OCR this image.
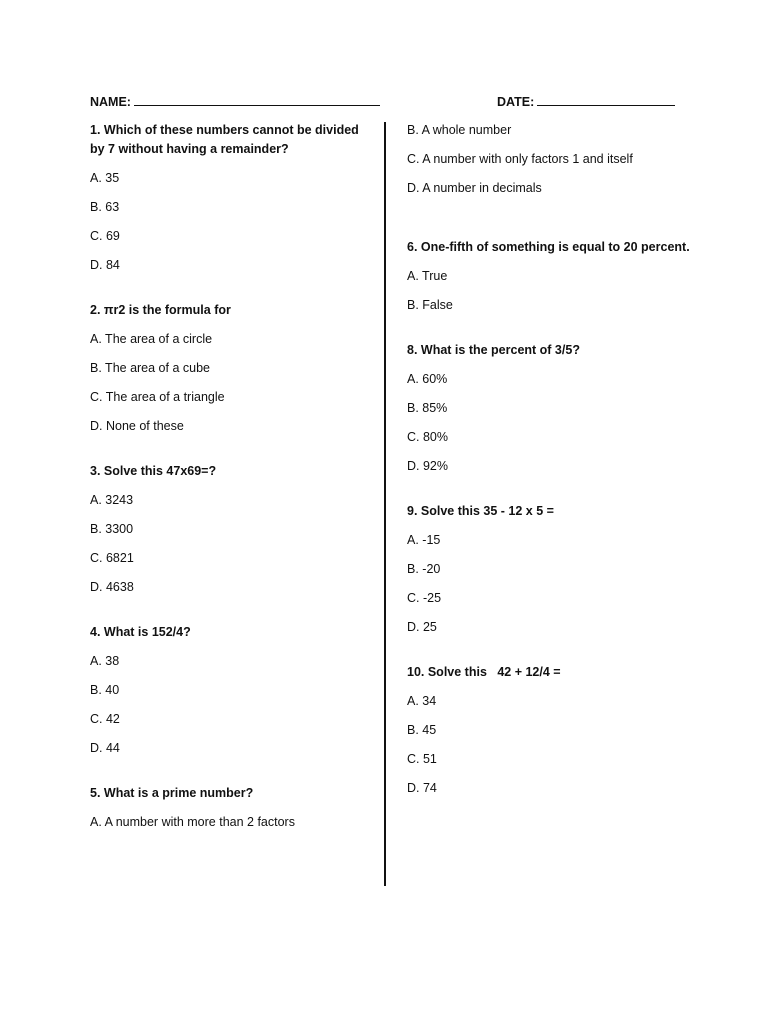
NAME:	DATE:
1. Which of these numbers cannot be divided by 7 without having a remainder?
A. 35
B. 63
C. 69
D. 84
2. πr2 is the formula for
A. The area of a circle
B. The area of a cube
C. The area of a triangle
D. None of these
3. Solve this 47x69=?
A. 3243
B. 3300
C. 6821
D. 4638
4. What is 152/4?
A. 38
B. 40
C. 42
D. 44
5. What is a prime number?
A. A number with more than 2 factors
B. A whole number
C. A number with only factors 1 and itself
D. A number in decimals
6. One-fifth of something is equal to 20 percent.
A. True
B. False
8. What is the percent of 3/5?
A. 60%
B. 85%
C. 80%
D. 92%
9. Solve this 35 - 12 x 5 =
A. -15
B. -20
C. -25
D. 25
10. Solve this   42 + 12/4 =
A. 34
B. 45
C. 51
D. 74
